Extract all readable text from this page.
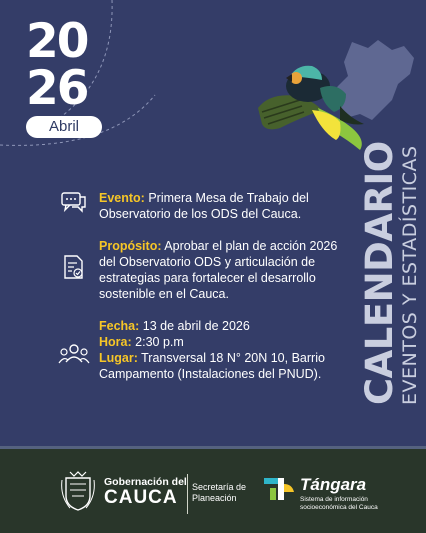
20
26
Abril
CALENDARIO
EVENTOS Y ESTADÍSTICAS
Evento: Primera Mesa de Trabajo del Observatorio de los ODS del Cauca.
Propósito: Aprobar el plan de acción 2026 del Observatorio ODS y articulación de estrategias para fortalecer el desarrollo sostenible en el Cauca.
Fecha: 13 de abril de 2026
Hora: 2:30 p.m
Lugar: Transversal 18 N° 20N 10, Barrio Campamento (Instalaciones del PNUD).
Gobernación del
CAUCA Secretaría de
Planeación
Tángara
Sistema de información
socioeconómica del Cauca
